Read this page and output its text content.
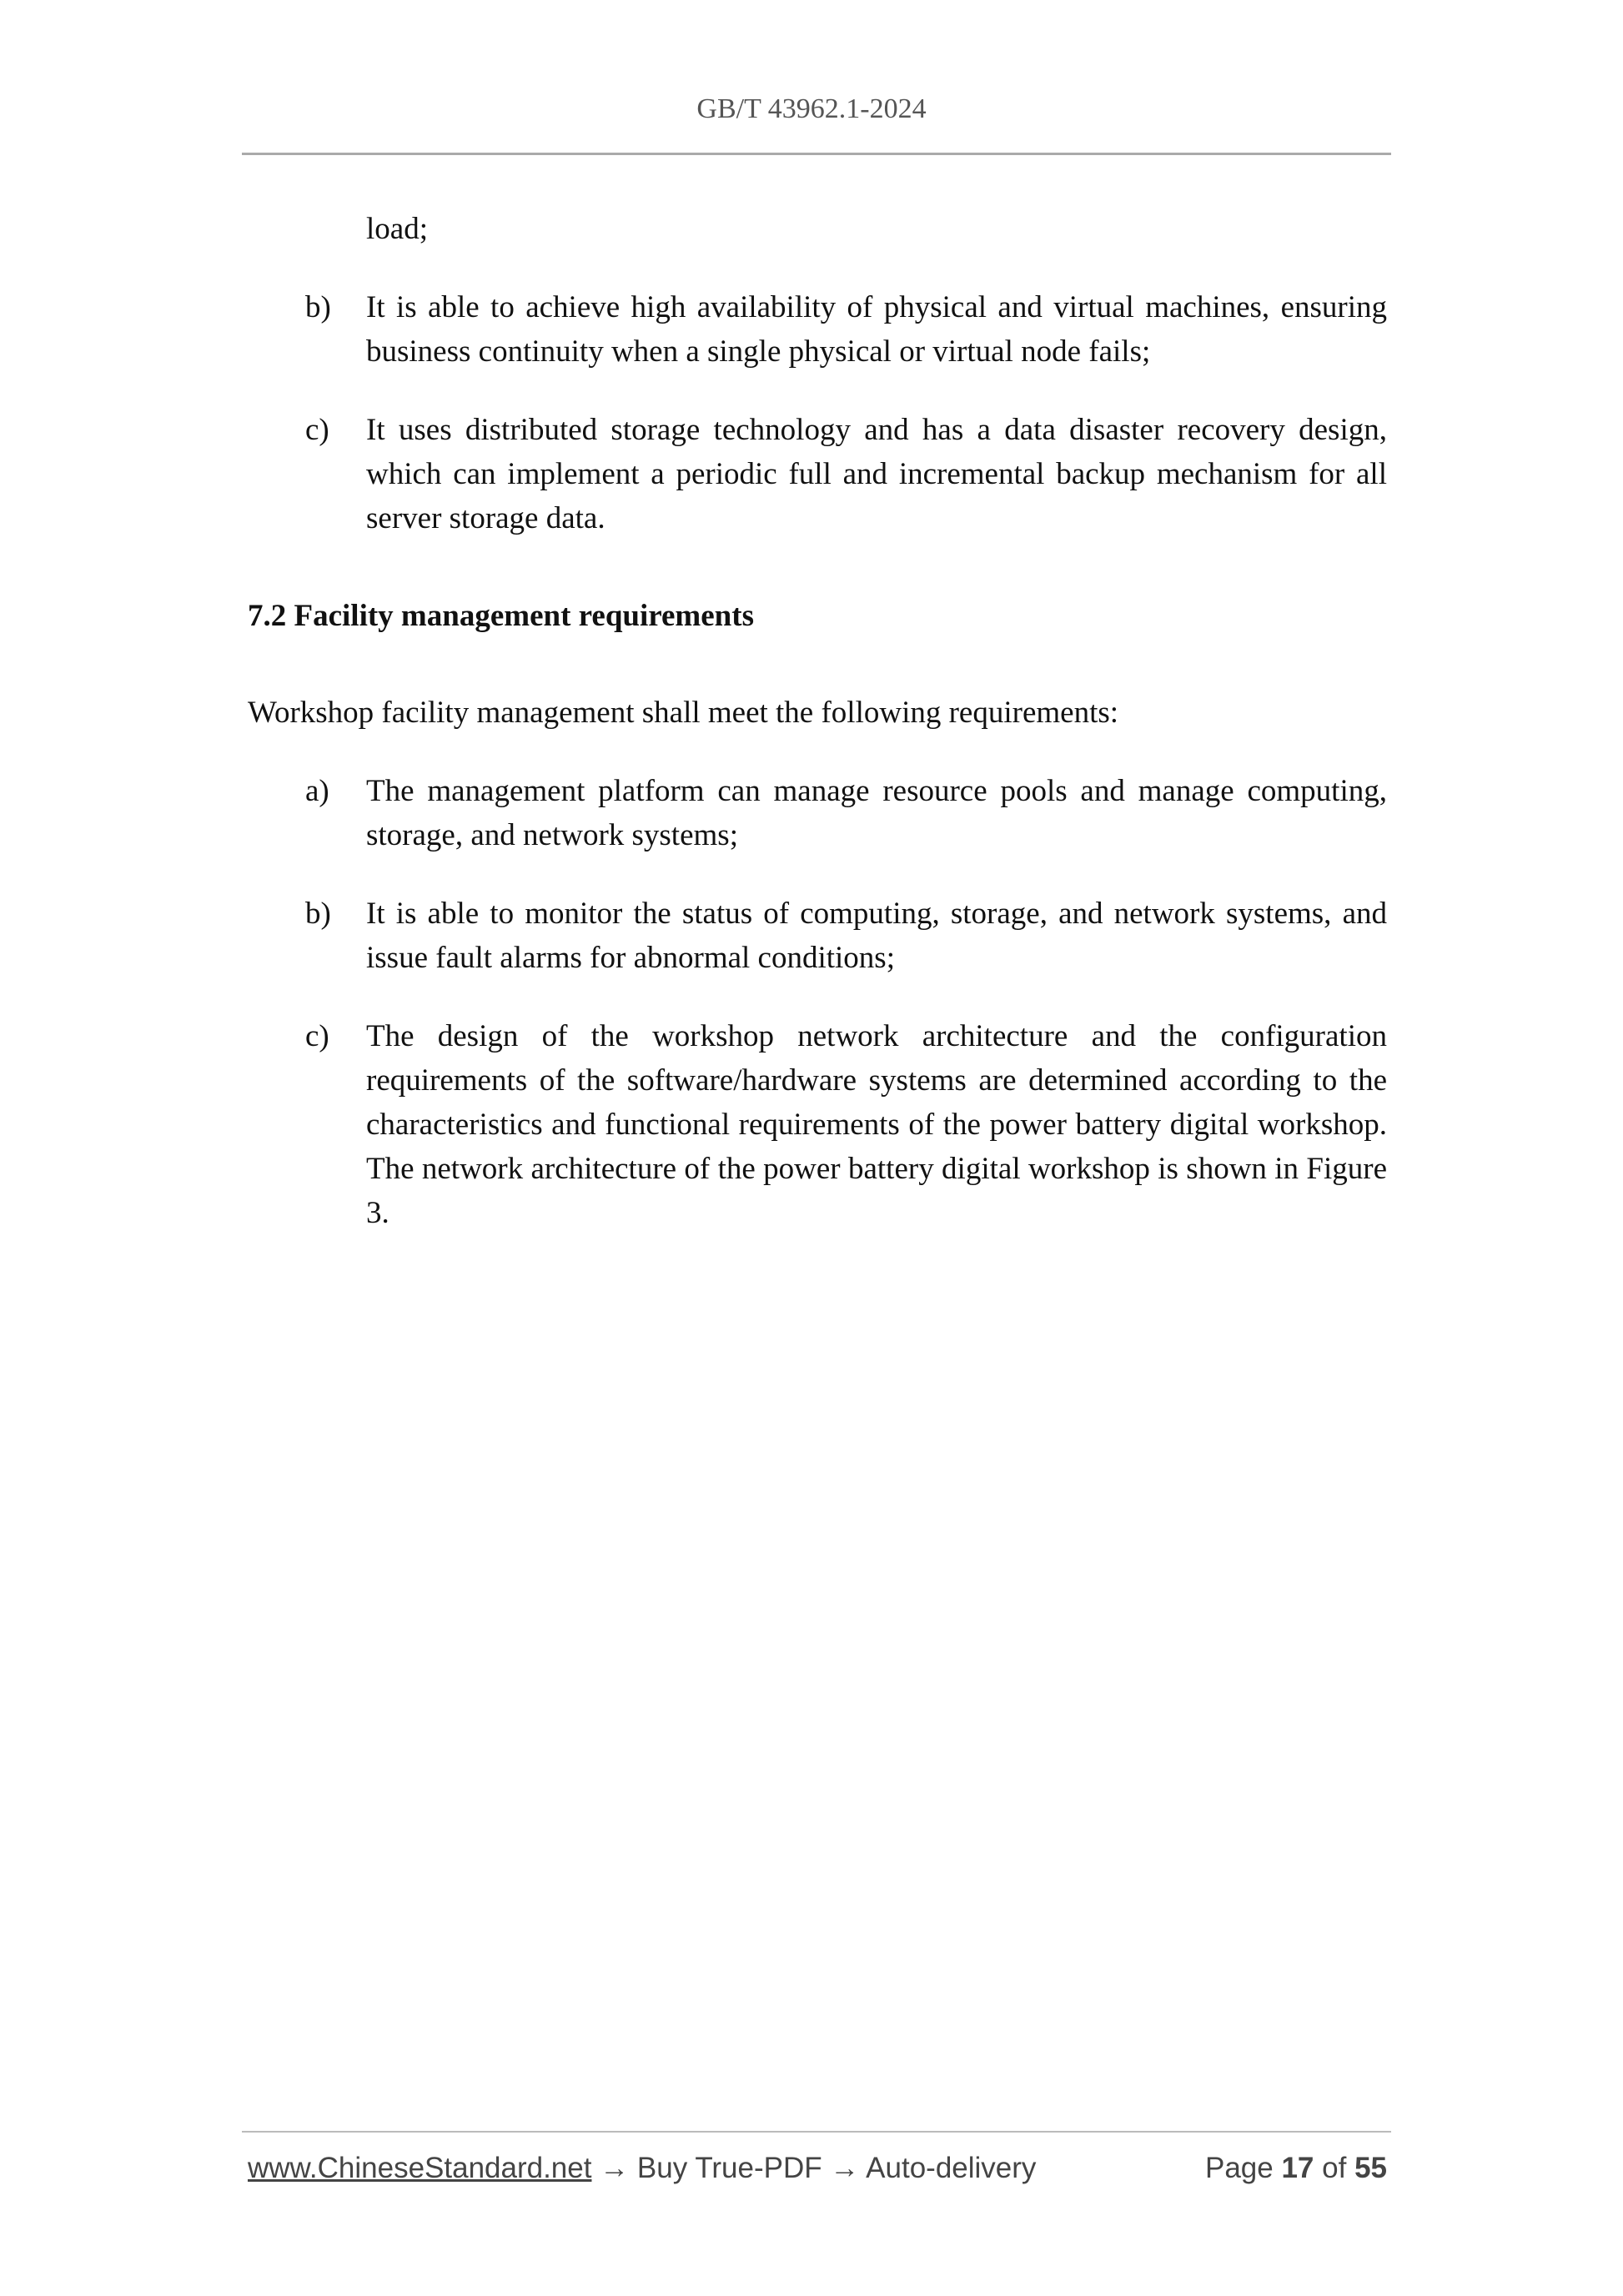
GB/T 43962.1-2024
load;
b) It is able to achieve high availability of physical and virtual machines, ensuring business continuity when a single physical or virtual node fails;
c) It uses distributed storage technology and has a data disaster recovery design, which can implement a periodic full and incremental backup mechanism for all server storage data.
7.2 Facility management requirements
Workshop facility management shall meet the following requirements:
a) The management platform can manage resource pools and manage computing, storage, and network systems;
b) It is able to monitor the status of computing, storage, and network systems, and issue fault alarms for abnormal conditions;
c) The design of the workshop network architecture and the configuration requirements of the software/hardware systems are determined according to the characteristics and functional requirements of the power battery digital workshop. The network architecture of the power battery digital workshop is shown in Figure 3.
www.ChineseStandard.net → Buy True-PDF → Auto-delivery	Page 17 of 55
